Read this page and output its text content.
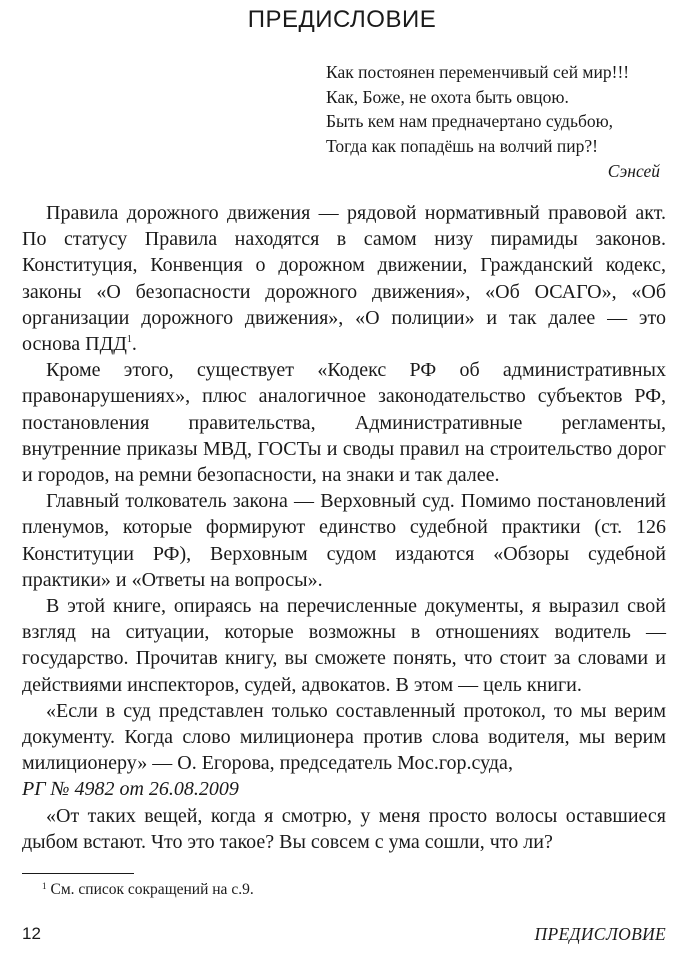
ПРЕДИСЛОВИЕ
Как постоянен переменчивый сей мир!!!
Как, Боже, не охота быть овцою.
Быть кем нам предначертано судьбою,
Тогда как попадёшь на волчий пир?!
Сэнсей

Правила дорожного движения — рядовой нормативный правовой акт. По статусу Правила находятся в самом низу пирамиды законов. Конституция, Конвенция о дорожном движении, Гражданский кодекс, законы «О безопасности дорожного движения», «Об ОСАГО», «Об организации дорожного движения», «О полиции» и так далее — это основа ПДД$^1$.

Кроме этого, существует «Кодекс РФ об административных правонарушениях», плюс аналогичное законодательство субъектов РФ, постановления правительства, Административные регламенты, внутренние приказы МВД, ГОСТы и своды правил на строительство дорог и городов, на ремни безопасности, на знаки и так далее.

Главный толкователь закона — Верховный суд. Помимо постановлений пленумов, которые формируют единство судебной практики (ст. 126 Конституции РФ), Верховным судом издаются «Обзоры судебной практики» и «Ответы на вопросы».

В этой книге, опираясь на перечисленные документы, я выразил свой взгляд на ситуации, которые возможны в отношениях водитель — государство. Прочитав книгу, вы сможете понять, что стоит за словами и действиями инспекторов, судей, адвокатов. В этом — цель книги.

«Если в суд представлен только составленный протокол, то мы верим документу. Когда слово милиционера против слова водителя, мы верим милиционеру» — О. Егорова, председатель Мос.гор.суда,

РГ № 4982 от 26.08.2009

«От таких вещей, когда я смотрю, у меня просто волосы оставшиеся дыбом встают. Что это такое? Вы совсем с ума сошли, что ли?

$^1$ См. список сокращений на с.9.
12	ПРЕДИСЛОВИЕ
